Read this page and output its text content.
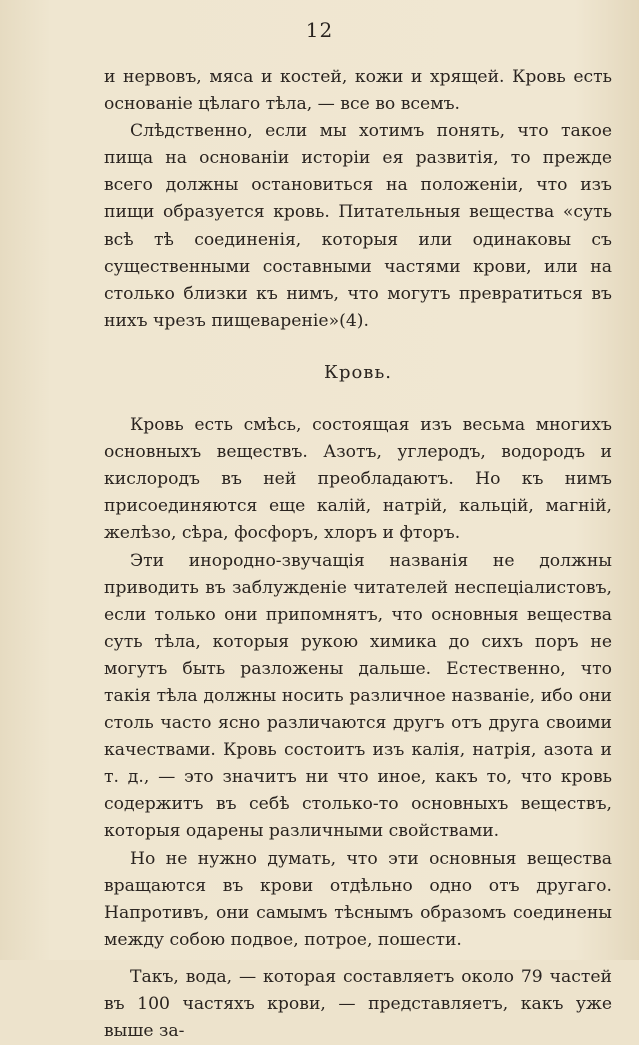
12

и нервовъ, мяса и костей, кожи и хрящей. Кровь есть основаніе цѣлаго тѣла, — все во всемъ.

Слѣдственно, если мы хотимъ понять, что такое пища на основаніи исторіи ея развитія, то прежде всего должны остановиться на положеніи, что изъ пищи образуется кровь. Питательныя вещества «суть всѣ тѣ соединенія, которыя или одинаковы съ существенными составными частями крови, или на столько близки къ нимъ, что могутъ превратиться въ нихъ чрезъ пищевареніе»(4).

Кровь.

Кровь есть смѣсь, состоящая изъ весьма многихъ основныхъ веществъ. Азотъ, углеродъ, водородъ и кислородъ въ ней преобладаютъ. Но къ нимъ присоединяются еще калій, натрій, кальцій, магній, желѣзо, сѣра, фосфоръ, хлоръ и фторъ.

Эти инородно-звучащія названія не должны приводить въ заблужденіе читателей неспеціалистовъ, если только они припомнятъ, что основныя вещества суть тѣла, которыя рукою химика до сихъ поръ не могутъ быть разложены дальше. Естественно, что такія тѣла должны носить различное названіе, ибо они столь часто ясно различаются другъ отъ друга своими качествами. Кровь состоитъ изъ калія, натрія, азота и т. д., — это значитъ ни что иное, какъ то, что кровь содержитъ въ себѣ столько-то основныхъ веществъ, которыя одарены различными свойствами.

Но не нужно думать, что эти основныя вещества вращаются въ крови отдѣльно одно отъ другаго. Напротивъ, они самымъ тѣснымъ образомъ соединены между собою подвое, потрое, пошести.

Такъ, вода, — которая составляетъ около 79 частей въ 100 частяхъ крови, — представляетъ, какъ уже выше за-
